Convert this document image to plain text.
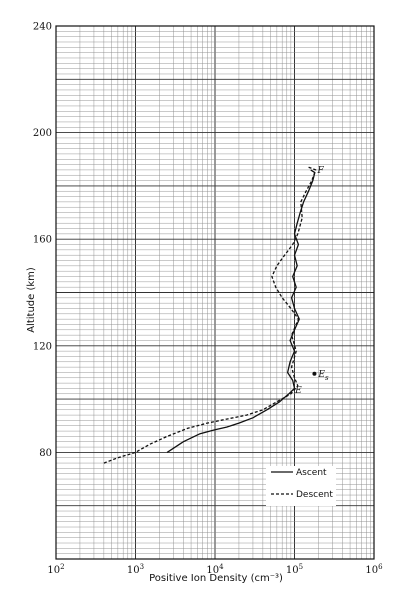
$10^2$	$10^3$	$10^4$	$10^5$	$10^6$
80
120
160
200
240
F
E
$E_s$
Ascent
Descent
Altitude (km)
Positive Ion Density (cm⁻³)
